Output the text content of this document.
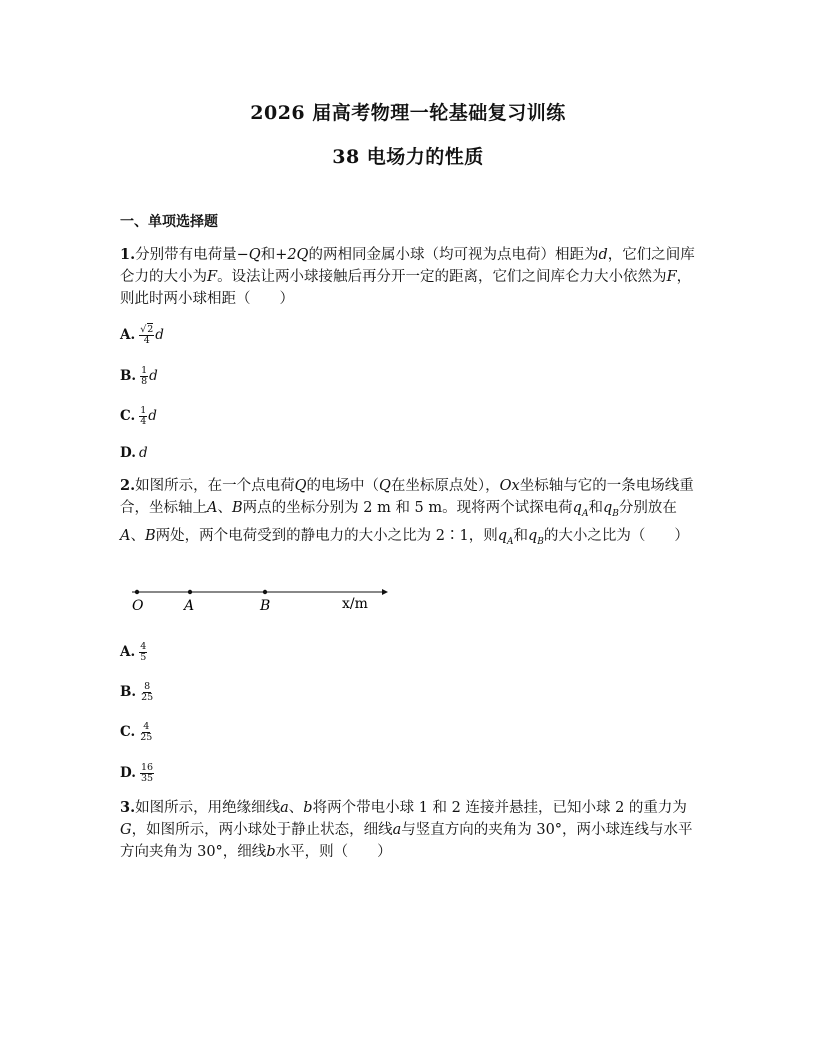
2026 届高考物理一轮基础复习训练
38 电场力的性质
一、单项选择题
1.分别带有电荷量−Q和+2Q的两相同金属小球（均可视为点电荷）相距为d，它们之间库仑力的大小为F。设法让两小球接触后再分开一定的距离，它们之间库仑力大小依然为F，则此时两小球相距（　　）
A. $\frac{√2}{4}$ d
B. $\frac{1}{8}$ d
C. $\frac{1}{4}$ d
D. d
2.如图所示，在一个点电荷Q的电场中（Q在坐标原点处），Ox坐标轴与它的一条电场线重合，坐标轴上A、B两点的坐标分别为 2 m 和 5 m。现将两个试探电荷$q_A$和$q_B$分别放在A、B两处，两个电荷受到的静电力的大小之比为 2∶1，则$q_A$和$q_B$的大小之比为（　　）
O	A	B	x/m
A. $\frac{4}{5}$
B. $\frac{8}{25}$
C. $\frac{4}{25}$
D. $\frac{16}{35}$
3.如图所示，用绝缘细线a、b将两个带电小球 1 和 2 连接并悬挂，已知小球 2 的重力为G，如图所示，两小球处于静止状态，细线a与竖直方向的夹角为 30°，两小球连线与水平方向夹角为 30°，细线b水平，则（　　）
